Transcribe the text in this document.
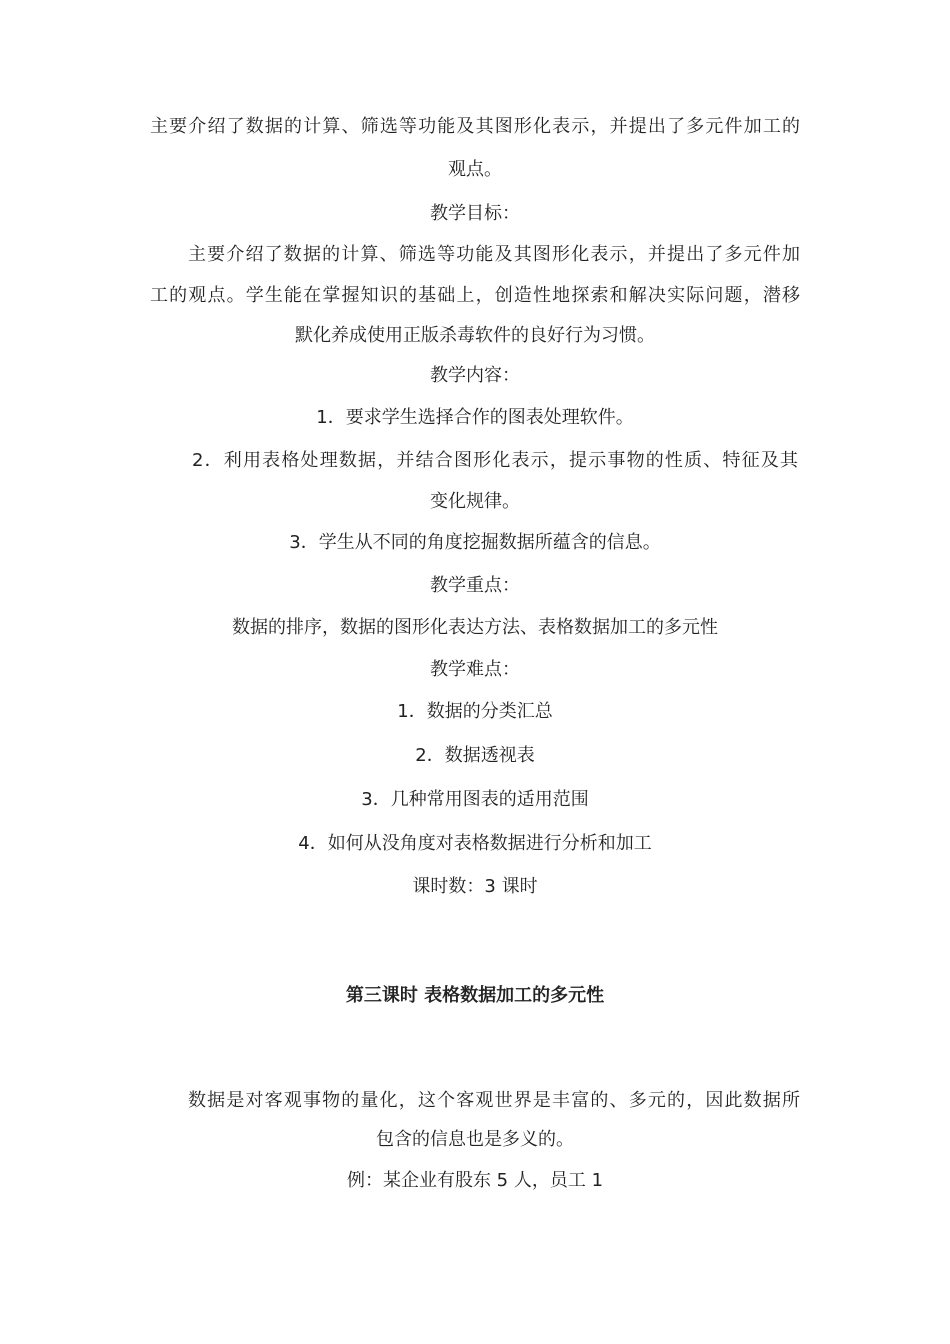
主要介绍了数据的计算、筛选等功能及其图形化表示，并提出了多元件加工的
观点。
教学目标：
主要介绍了数据的计算、筛选等功能及其图形化表示，并提出了多元件加
工的观点。学生能在掌握知识的基础上，创造性地探索和解决实际问题，潜移
默化养成使用正版杀毒软件的良好行为习惯。
教学内容：
1．要求学生选择合作的图表处理软件。
2．利用表格处理数据，并结合图形化表示，提示事物的性质、特征及其
变化规律。
3．学生从不同的角度挖掘数据所蕴含的信息。
教学重点：
数据的排序，数据的图形化表达方法、表格数据加工的多元性
教学难点：
1．数据的分类汇总
2．数据透视表
3．几种常用图表的适用范围
4．如何从没角度对表格数据进行分析和加工
课时数：3 课时
第三课时 表格数据加工的多元性
数据是对客观事物的量化，这个客观世界是丰富的、多元的，因此数据所
包含的信息也是多义的。
例：某企业有股东 5 人，员工 1
